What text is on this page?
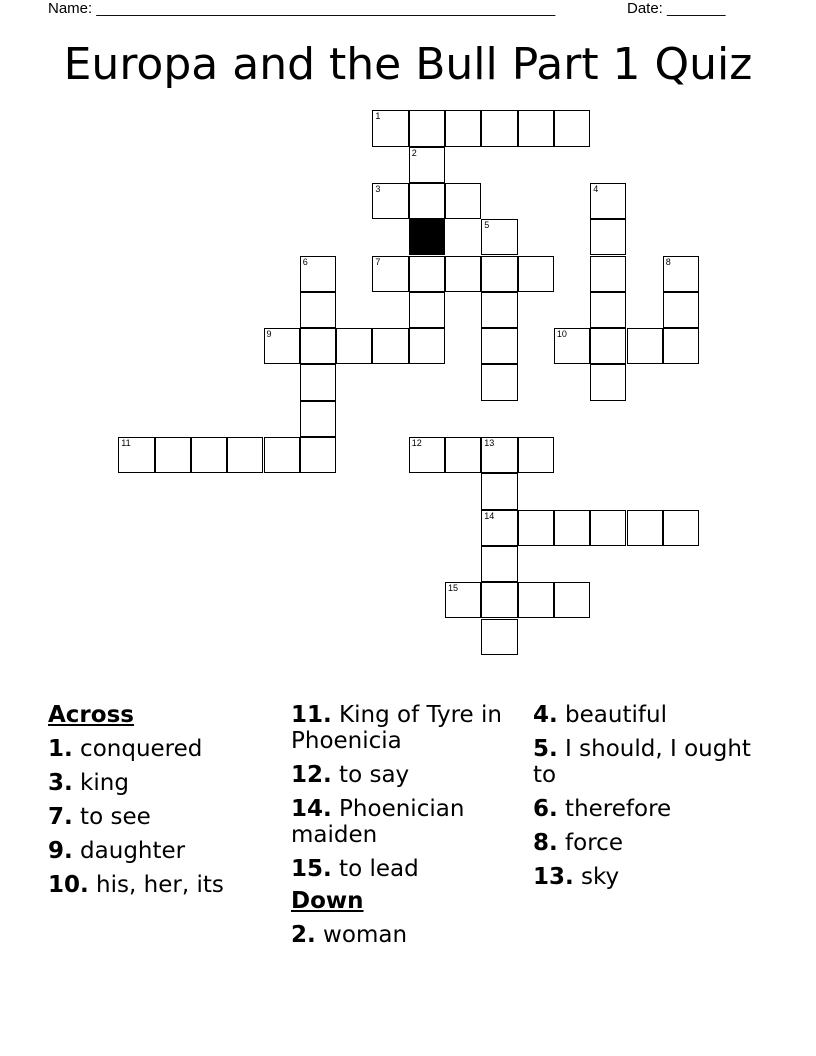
Name: _______________________________________________________	Date: _______
Europa and the Bull Part 1 Quiz
1
2
3	4
5
6	7	8
9	10
11	12	13
14
15
Across
1. conquered
3. king
7. to see
9. daughter
10. his, her, its
11. King of Tyre in Phoenicia
12. to say
14. Phoenician maiden
15. to lead
Down
2. woman
4. beautiful
5. I should, I ought to
6. therefore
8. force
13. sky
